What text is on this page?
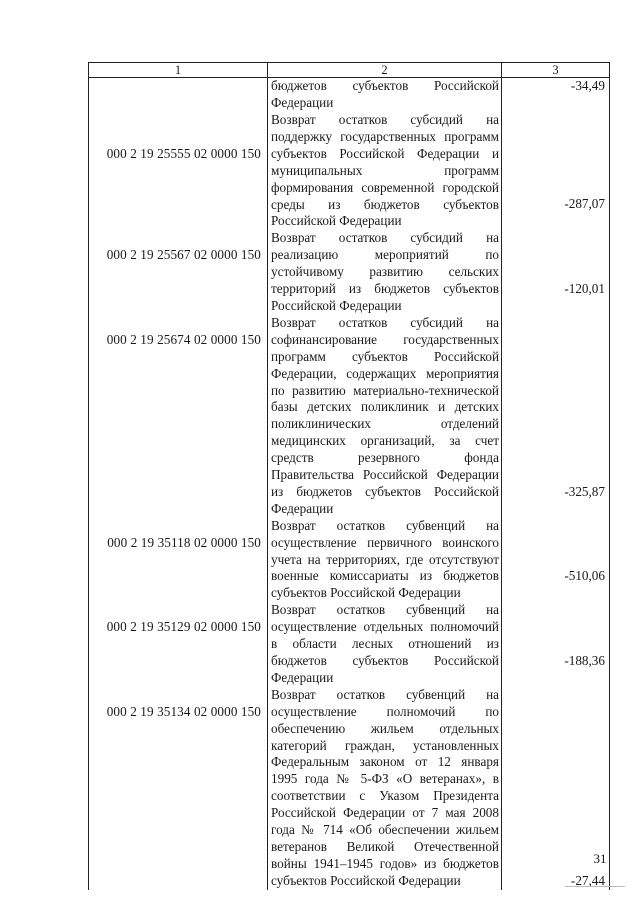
1	2	3
	бюджетов субъектов Российской Федерации	-34,49
000 2 19 25555 02 0000 150	Возврат остатков субсидий на поддержку государственных программ субъектов Российской Федерации и муниципальных программ формирования современной городской среды из бюджетов субъектов Российской Федерации	-287,07
000 2 19 25567 02 0000 150	Возврат остатков субсидий на реализацию мероприятий по устойчивому развитию сельских территорий из бюджетов субъектов Российской Федерации	-120,01
000 2 19 25674 02 0000 150	Возврат остатков субсидий на софинансирование государственных программ субъектов Российской Федерации, содержащих мероприятия по развитию материально-технической базы детских поликлиник и детских поликлинических отделений медицинских организаций, за счет средств резервного фонда Правительства Российской Федерации из бюджетов субъектов Российской Федерации	-325,87
000 2 19 35118 02 0000 150	Возврат остатков субвенций на осуществление первичного воинского учета на территориях, где отсутствуют военные комиссариаты из бюджетов субъектов Российской Федерации	-510,06
000 2 19 35129 02 0000 150	Возврат остатков субвенций на осуществление отдельных полномочий в области лесных отношений из бюджетов субъектов Российской Федерации	-188,36
000 2 19 35134 02 0000 150	Возврат остатков субвенций на осуществление полномочий по обеспечению жильем отдельных категорий граждан, установленных Федеральным законом от 12 января 1995 года № 5-ФЗ «О ветеранах», в соответствии с Указом Президента Российской Федерации от 7 мая 2008 года № 714 «Об обеспечении жильем ветеранов Великой Отечественной войны 1941–1945 годов» из бюджетов субъектов Российской Федерации	-27,44
31
